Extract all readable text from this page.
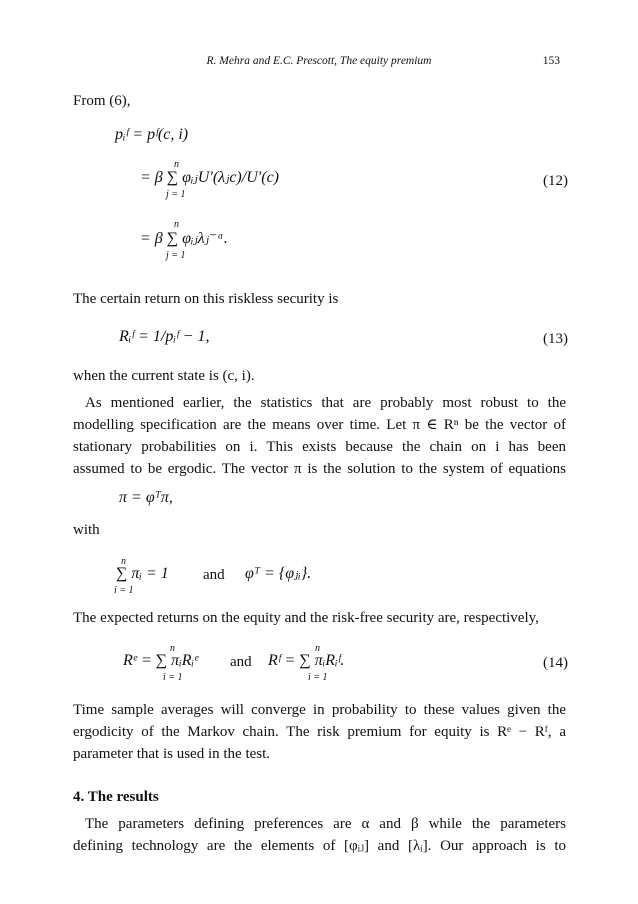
R. Mehra and E.C. Prescott, The equity premium	153
From (6),
pᵢᶠ = pᶠ(c, i)
n
= β ∑ φᵢⱼU′(λⱼc)/U′(c)
j = 1
(12)
n
= β ∑ φᵢⱼλⱼ⁻ᵅ.
j = 1
The certain return on this riskless security is
Rᵢᶠ = 1/pᵢᶠ − 1,	(13)
when the current state is (c, i).
As mentioned earlier, the statistics that are probably most robust to the
modelling specification are the means over time. Let π ∈ Rⁿ be the vector of
stationary probabilities on i. This exists because the chain on i has been
assumed to be ergodic. The vector π is the solution to the system of equations
π = φᵀπ,
with
n
∑ πᵢ = 1
i = 1
and φᵀ = {φⱼᵢ}.
The expected returns on the equity and the risk-free security are, respectively,
n
Rᵉ = ∑ πᵢRᵢᵉ
i = 1
and
n
Rᶠ = ∑ πᵢRᵢᶠ.
i = 1
(14)
Time sample averages will converge in probability to these values given the
ergodicity of the Markov chain. The risk premium for equity is Rᵉ − Rᶠ, a
parameter that is used in the test.
4. The results
The parameters defining preferences are α and β while the parameters
defining technology are the elements of [φᵢⱼ] and [λᵢ]. Our approach is to
